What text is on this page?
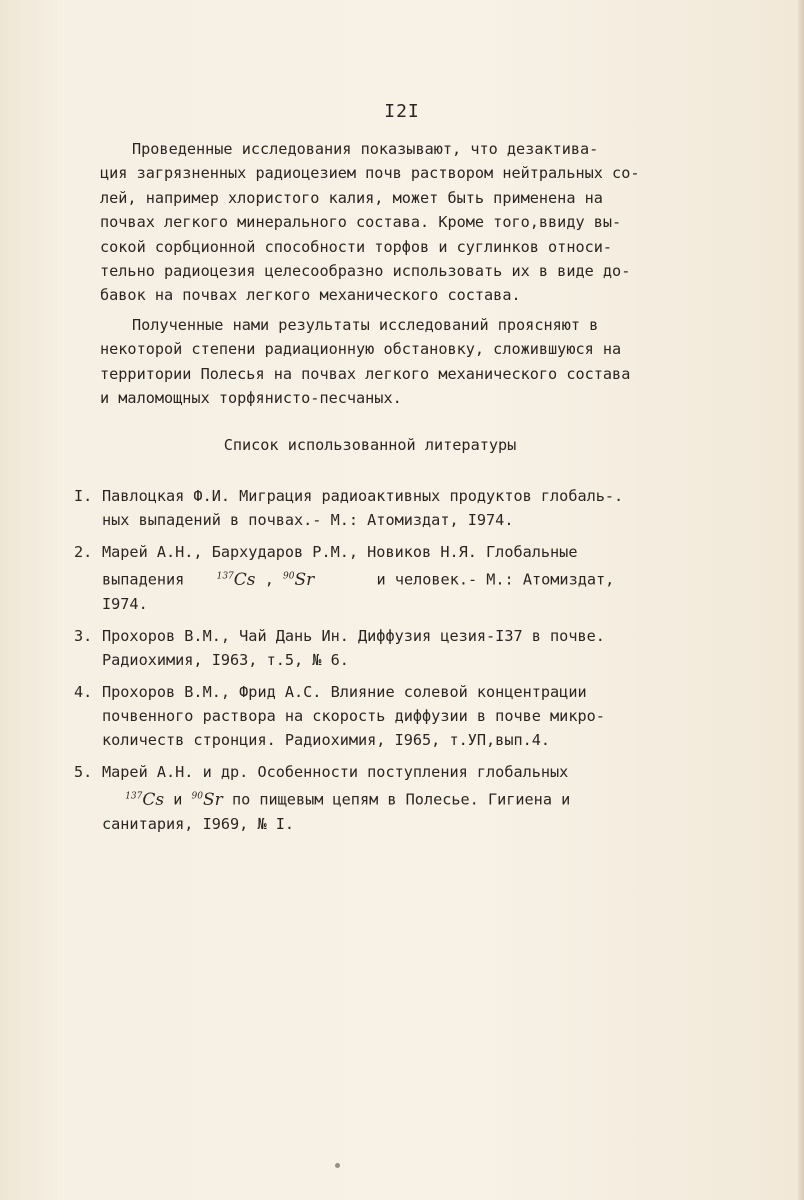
I2I
Проведенные исследования показывают, что дезактива-
ция загрязненных радиоцезием почв раствором нейтральных со-
лей, например хлористого калия, может быть применена на
почвах легкого минерального состава. Кроме того,ввиду вы-
сокой сорбционной способности торфов и суглинков относи-
тельно радиоцезия целесообразно использовать их в виде до-
бавок на почвах легкого механического состава.
Полученные нами результаты исследований проясняют в
некоторой степени радиационную обстановку, сложившуюся на
территории Полесья на почвах легкого механического состава
и маломощных торфянисто-песчаных.
Список использованной литературы
I. Павлоцкая Ф.И. Миграция радиоактивных продуктов глобаль-.
ных выпадений в почвах.- М.: Атомиздат, I974.
2. Марей А.Н., Бархударов Р.М., Новиков Н.Я. Глобальные
выпадения	$^{137}$Cs , $^{90}$Sr	и человек.- М.: Атомиздат,
I974.
3. Прохоров В.М., Чай Дань Ин. Диффузия цезия-I37 в почве.
Радиохимия, I963, т.5, № 6.
4. Прохоров В.М., Фрид А.С. Влияние солевой концентрации
почвенного раствора на скорость диффузии в почве микро-
количеств стронция. Радиохимия, I965, т.УП,вып.4.
5. Марей А.Н. и др. Особенности поступления глобальных
$^{137}$Cs и $^{90}$Sr по пищевым цепям в Полесье. Гигиена и
санитария, I969, № I.
